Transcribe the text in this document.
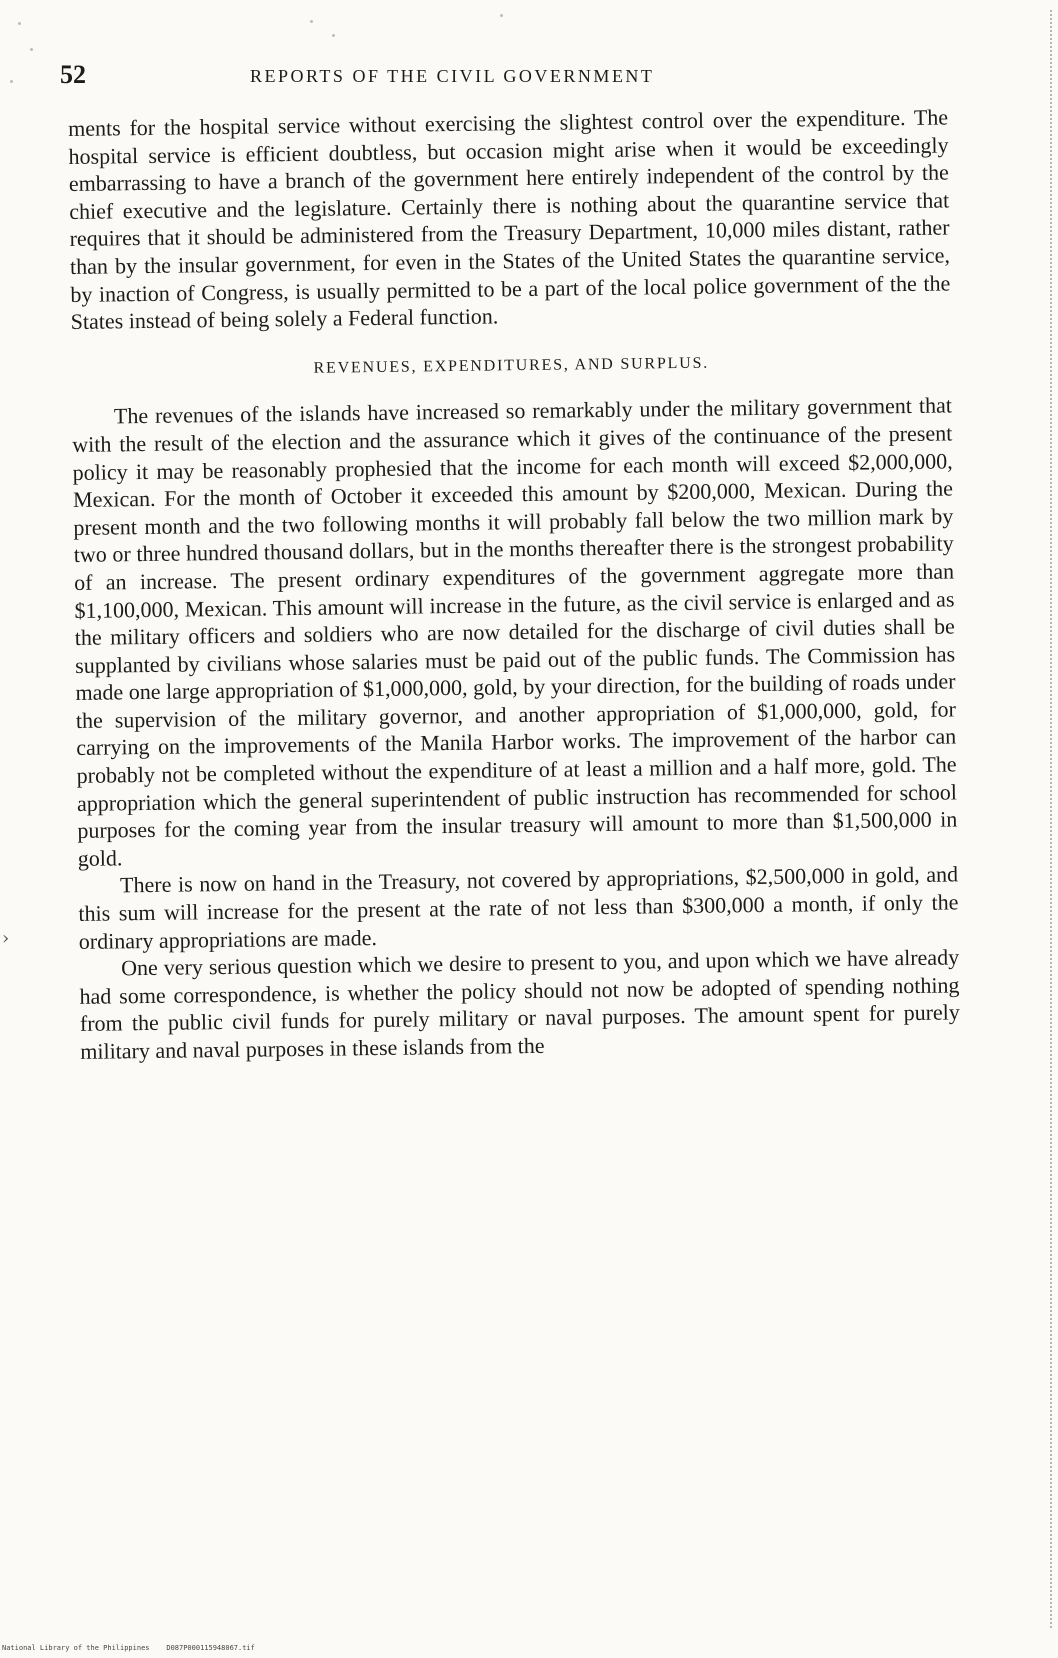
›
52	REPORTS OF THE CIVIL GOVERNMENT

ments for the hospital service without exercising the slightest control over the expenditure. The hospital service is efficient doubtless, but occasion might arise when it would be exceedingly embarrassing to have a branch of the government here entirely independent of the control by the chief executive and the legislature. Certainly there is nothing about the quarantine service that requires that it should be administered from the Treasury Department, 10,000 miles distant, rather than by the insular government, for even in the States of the United States the quarantine service, by inaction of Congress, is usually permitted to be a part of the local police government of the the States instead of being solely a Federal function.

REVENUES, EXPENDITURES, AND SURPLUS.

The revenues of the islands have increased so remarkably under the military government that with the result of the election and the assurance which it gives of the continuance of the present policy it may be reasonably prophesied that the income for each month will exceed $2,000,000, Mexican. For the month of October it exceeded this amount by $200,000, Mexican. During the present month and the two following months it will probably fall below the two million mark by two or three hundred thousand dollars, but in the months thereafter there is the strongest probability of an increase. The present ordinary expenditures of the government aggregate more than $1,100,000, Mexican. This amount will increase in the future, as the civil service is enlarged and as the military officers and soldiers who are now detailed for the discharge of civil duties shall be supplanted by civilians whose salaries must be paid out of the public funds. The Commission has made one large appropriation of $1,000,000, gold, by your direction, for the building of roads under the supervision of the military governor, and another appropriation of $1,000,000, gold, for carrying on the improvements of the Manila Harbor works. The improvement of the harbor can probably not be completed without the expenditure of at least a million and a half more, gold. The appropriation which the general superintendent of public instruction has recommended for school purposes for the coming year from the insular treasury will amount to more than $1,500,000 in gold.

There is now on hand in the Treasury, not covered by appropriations, $2,500,000 in gold, and this sum will increase for the present at the rate of not less than $300,000 a month, if only the ordinary appropriations are made.

One very serious question which we desire to present to you, and upon which we have already had some correspondence, is whether the policy should not now be adopted of spending nothing from the public civil funds for purely military or naval purposes. The amount spent for purely military and naval purposes in these islands from the

National Library of the Philippines    D087P000115948067.tif
